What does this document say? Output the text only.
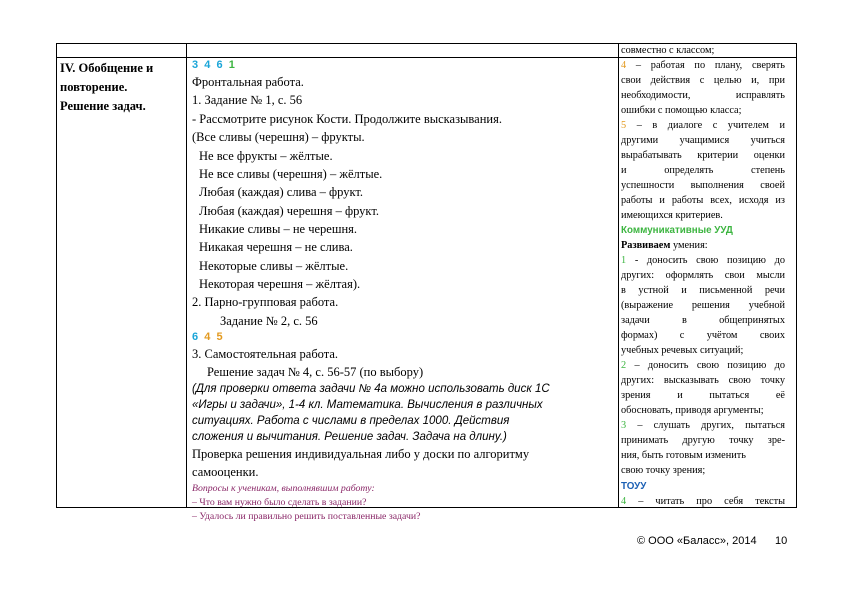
IV. Обобщение и
повторение.
Решение задач.
3 4 6 1
Фронтальная работа.
1. Задание № 1, с. 56
- Рассмотрите рисунок Кости. Продолжите высказывания.
(Все сливы (черешня) – фрукты.
Не все фрукты – жёлтые.
Не все сливы (черешня) – жёлтые.
Любая (каждая) слива – фрукт.
Любая (каждая) черешня – фрукт.
Никакие сливы – не черешня.
Никакая черешня – не слива.
Некоторые сливы – жёлтые.
Некоторая черешня – жёлтая).
2. Парно-групповая работа.
Задание № 2, с. 56
6 4 5
3. Самостоятельная работа.
Решение задач № 4, с. 56-57 (по выбору)
(Для проверки ответа задачи № 4а можно использовать диск 1С
«Игры и задачи», 1-4 кл. Математика. Вычисления в различных
ситуациях. Работа с числами в пределах 1000. Действия
сложения и вычитания. Решение задач. Задача на длину.)
Проверка решения индивидуальная либо у доски по алгоритму
самооценки.
Вопросы к ученикам, выполнявшим работу:
– Что вам нужно было сделать в задании?
– Удалось ли правильно решить поставленные задачи?
совместно с классом;
4 – работая по плану, сверять
свои действия с целью и, при
необходимости, исправлять
ошибки с помощью класса;
5 – в диалоге с учителем и
другими учащимися учиться
вырабатывать критерии оценки
и определять степень
успешности выполнения своей
работы и работы всех, исходя из
имеющихся критериев.
Коммуникативные УУД
Развиваем умения:
1 - доносить свою позицию до
других: оформлять свои мысли
в устной и письменной речи
(выражение решения учебной
задачи в общепринятых
формах) с учётом своих
учебных речевых ситуаций;
2 – доносить свою позицию до
других: высказывать свою точку
зрения и пытаться её
обосновать, приводя аргументы;
3 – слушать других, пытаться
принимать другую точку зре-
ния, быть готовым изменить
свою точку зрения;
ТОУУ
4 – читать про себя тексты
© ООО «Баласс», 2014 10
